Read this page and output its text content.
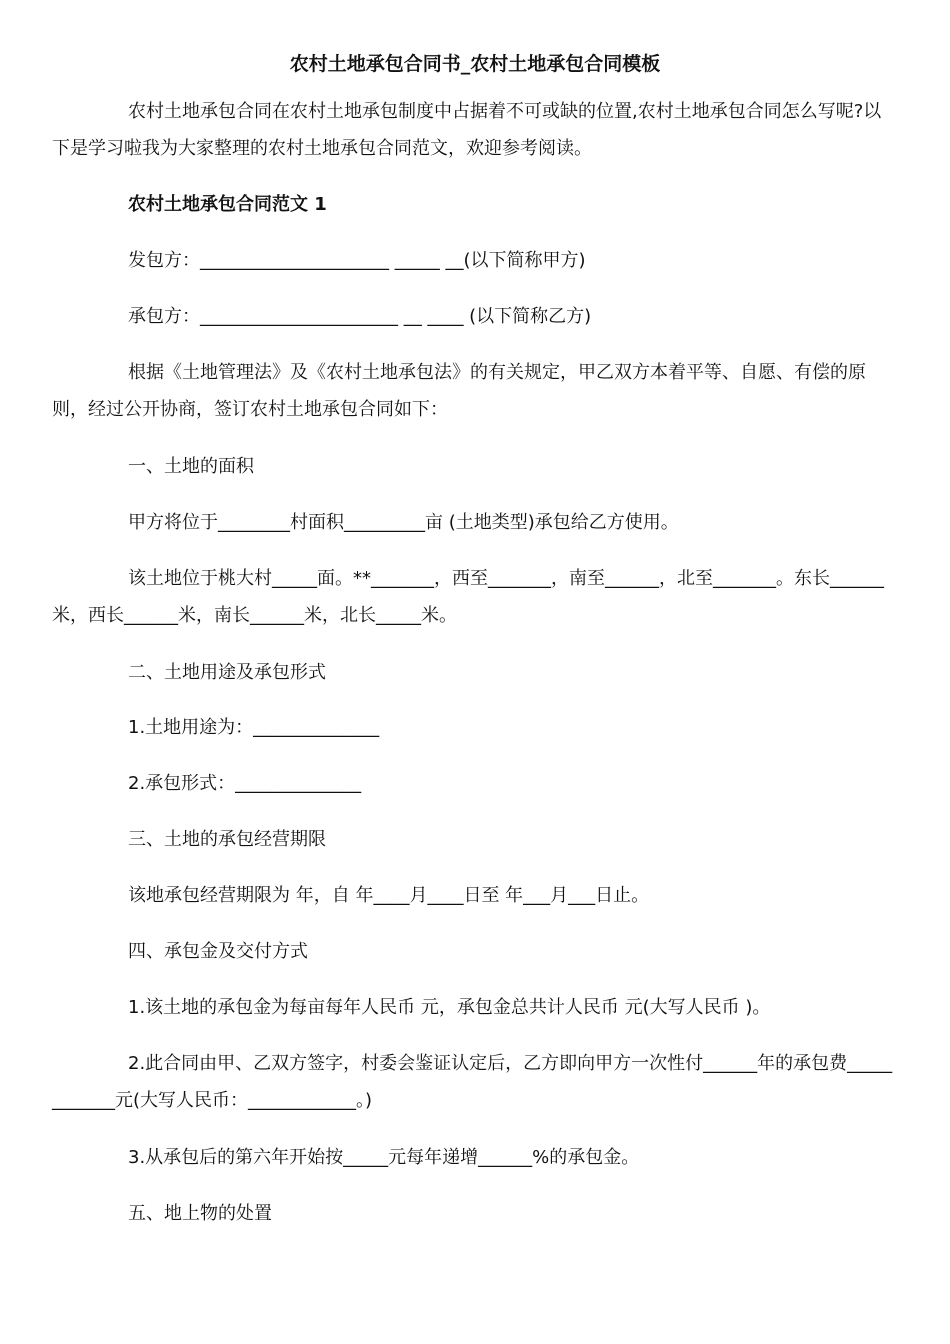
农村土地承包合同书_农村土地承包合同模板
农村土地承包合同在农村土地承包制度中占据着不可或缺的位置,农村土地承包合同怎么写呢?以下是学习啦我为大家整理的农村土地承包合同范文，欢迎参考阅读。
农村土地承包合同范文 1
发包方：_____________________ _____ __(以下简称甲方)
承包方：______________________ __ ____ (以下简称乙方)
根据《土地管理法》及《农村土地承包法》的有关规定，甲乙双方本着平等、自愿、有偿的原则，经过公开协商，签订农村土地承包合同如下：
一、土地的面积
甲方将位于________村面积_________亩 (土地类型)承包给乙方使用。
该土地位于桃大村_____面。**_______，西至_______，南至______，北至_______。东长______米，西长______米，南长______米，北长_____米。
二、土地用途及承包形式
1.土地用途为：______________
2.承包形式：______________
三、土地的承包经营期限
该地承包经营期限为 年，自 年____月____日至 年___月___日止。
四、承包金及交付方式
1.该土地的承包金为每亩每年人民币 元，承包金总共计人民币 元(大写人民币 )。
2.此合同由甲、乙双方签字，村委会鉴证认定后，乙方即向甲方一次性付______年的承包费____________元(大写人民币：____________。)
3.从承包后的第六年开始按_____元每年递增______%的承包金。
五、地上物的处置
